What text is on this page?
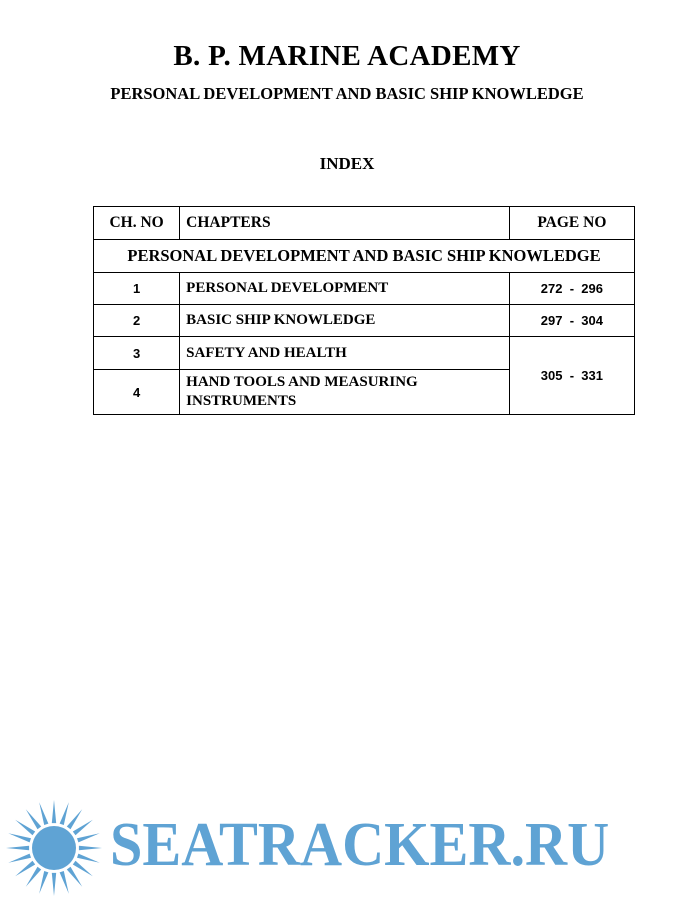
B. P. MARINE ACADEMY
PERSONAL DEVELOPMENT AND BASIC SHIP KNOWLEDGE
INDEX
CH. NO	CHAPTERS	PAGE NO
PERSONAL DEVELOPMENT AND BASIC SHIP KNOWLEDGE		
1	PERSONAL DEVELOPMENT	272  -  296
2	BASIC SHIP KNOWLEDGE	297  -  304
3	SAFETY AND HEALTH	305  -  331
4	HAND TOOLS AND MEASURING INSTRUMENTS	
SEATRACKER.RU
